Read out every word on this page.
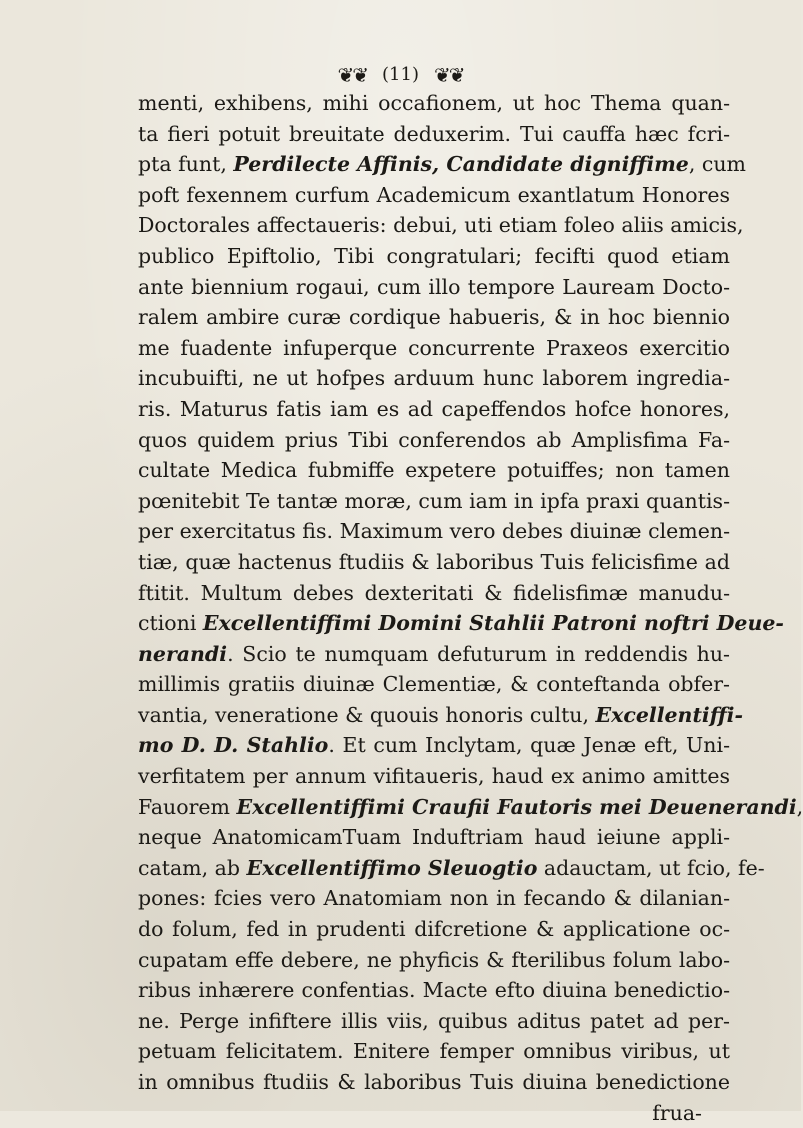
❦❦ (11) ❦❦
menti, exhibens, mihi occafionem, ut hoc Thema quan-
ta fieri potuit breuitate deduxerim. Tui cauffa hæc fcri-
pta funt, Perdilecte Affinis, Candidate digniffime, cum
poft fexennem curfum Academicum exantlatum Honores
Doctorales affectaueris: debui, uti etiam foleo aliis amicis,
publico Epiftolio, Tibi congratulari; fecifti quod etiam
ante biennium rogaui, cum illo tempore Lauream Docto-
ralem ambire curæ cordique habueris, & in hoc biennio
me fuadente infuperque concurrente Praxeos exercitio
incubuifti, ne ut hofpes arduum hunc laborem ingredia-
ris. Maturus fatis iam es ad capeffendos hofce honores,
quos quidem prius Tibi conferendos ab Amplisfima Fa-
cultate Medica fubmiffe expetere potuiffes; non tamen
pœnitebit Te tantæ moræ, cum iam in ipfa praxi quantis-
per exercitatus fis. Maximum vero debes diuinæ clemen-
tiæ, quæ hactenus ftudiis & laboribus Tuis felicisfime ad
ftitit. Multum debes dexteritati & fidelisfimæ manudu-
ctioni Excellentiffimi Domini Stahlii Patroni noftri Deue-
nerandi. Scio te numquam defuturum in reddendis hu-
millimis gratiis diuinæ Clementiæ, & conteftanda obfer-
vantia, veneratione & quouis honoris cultu, Excellentiffi-
mo D. D. Stahlio. Et cum Inclytam, quæ Jenæ eft, Uni-
verfitatem per annum vifitaueris, haud ex animo amittes
Fauorem Excellentiffimi Craufii Fautoris mei Deuenerandi,
neque AnatomicamTuam Induftriam haud ieiune appli-
catam, ab Excellentiffimo Sleuogtio adauctam, ut fcio, fe-
pones: fcies vero Anatomiam non in fecando & dilanian-
do folum, fed in prudenti difcretione & applicatione oc-
cupatam effe debere, ne phyficis & fterilibus folum labo-
ribus inhærere confentias. Macte efto diuina benedictio-
ne. Perge infiftere illis viis, quibus aditus patet ad per-
petuam felicitatem. Enitere femper omnibus viribus, ut
in omnibus ftudiis & laboribus Tuis diuina benedictione
frua-
